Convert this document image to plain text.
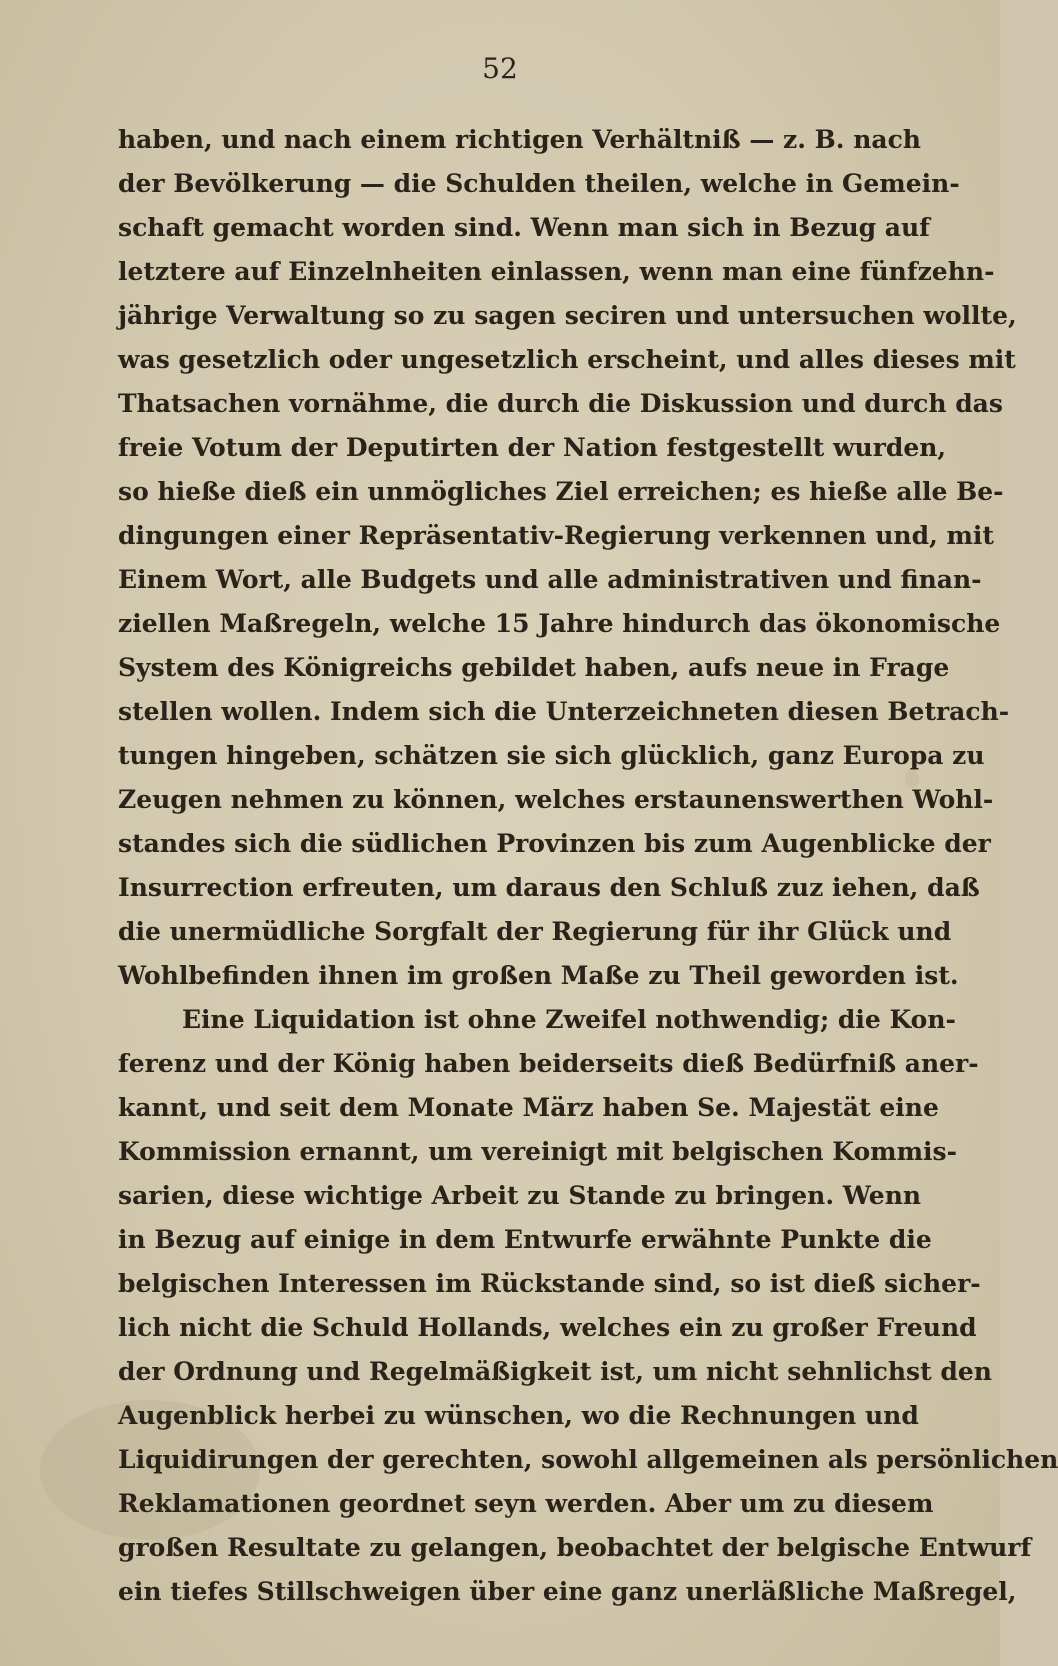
52
haben, und nach einem richtigen Verhältniß — z. B. nach
der Bevölkerung — die Schulden theilen, welche in Gemein-
schaft gemacht worden sind. Wenn man sich in Bezug auf
letztere auf Einzelnheiten einlassen, wenn man eine fünfzehn-
jährige Verwaltung so zu sagen seciren und untersuchen wollte,
was gesetzlich oder ungesetzlich erscheint, und alles dieses mit
Thatsachen vornähme, die durch die Diskussion und durch das
freie Votum der Deputirten der Nation festgestellt wurden,
so hieße dieß ein unmögliches Ziel erreichen; es hieße alle Be-
dingungen einer Repräsentativ-Regierung verkennen und, mit
Einem Wort, alle Budgets und alle administrativen und finan-
ziellen Maßregeln, welche 15 Jahre hindurch das ökonomische
System des Königreichs gebildet haben, aufs neue in Frage
stellen wollen. Indem sich die Unterzeichneten diesen Betrach-
tungen hingeben, schätzen sie sich glücklich, ganz Europa zu
Zeugen nehmen zu können, welches erstaunenswerthen Wohl-
standes sich die südlichen Provinzen bis zum Augenblicke der
Insurrection erfreuten, um daraus den Schluß zuz iehen, daß
die unermüdliche Sorgfalt der Regierung für ihr Glück und
Wohlbefinden ihnen im großen Maße zu Theil geworden ist.
Eine Liquidation ist ohne Zweifel nothwendig; die Kon-
ferenz und der König haben beiderseits dieß Bedürfniß aner-
kannt, und seit dem Monate März haben Se. Majestät eine
Kommission ernannt, um vereinigt mit belgischen Kommis-
sarien, diese wichtige Arbeit zu Stande zu bringen. Wenn
in Bezug auf einige in dem Entwurfe erwähnte Punkte die
belgischen Interessen im Rückstande sind, so ist dieß sicher-
lich nicht die Schuld Hollands, welches ein zu großer Freund
der Ordnung und Regelmäßigkeit ist, um nicht sehnlichst den
Augenblick herbei zu wünschen, wo die Rechnungen und
Liquidirungen der gerechten, sowohl allgemeinen als persönlichen
Reklamationen geordnet seyn werden. Aber um zu diesem
großen Resultate zu gelangen, beobachtet der belgische Entwurf
ein tiefes Stillschweigen über eine ganz unerläßliche Maßregel,
